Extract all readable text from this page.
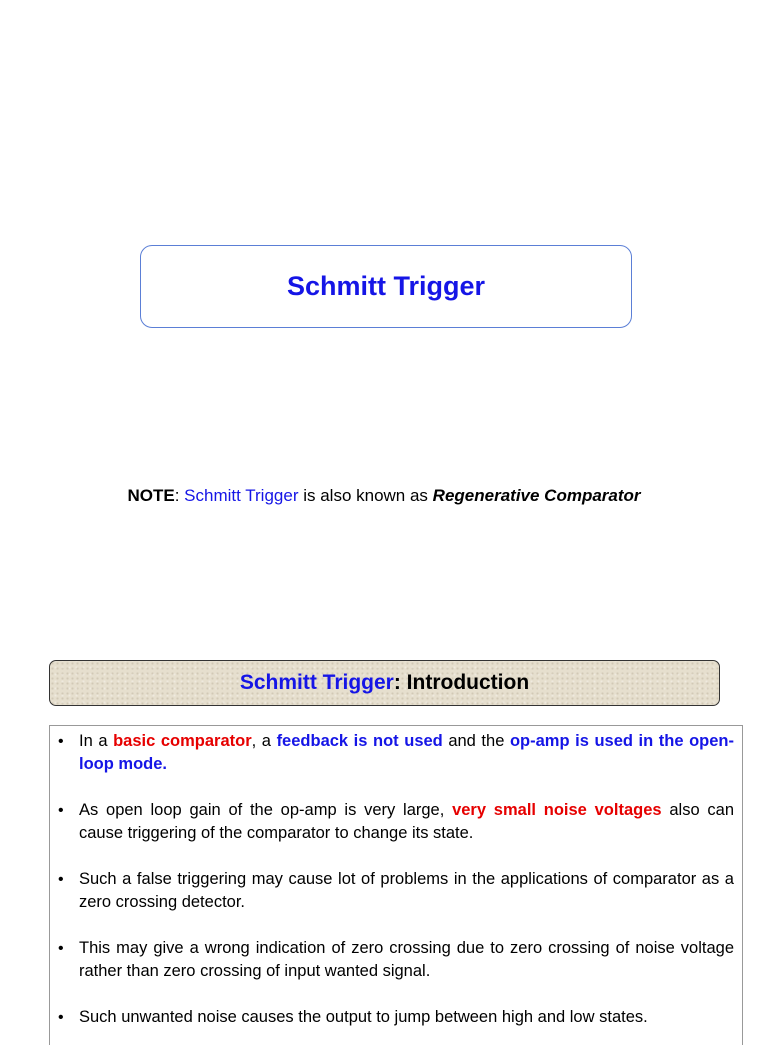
Schmitt Trigger
NOTE: Schmitt Trigger is also known as Regenerative Comparator
Schmitt Trigger : Introduction
• In a basic comparator, a feedback is not used and the op-amp is used in the open-loop mode.
• As open loop gain of the op-amp is very large, very small noise voltages also can cause triggering of the comparator to change its state.
• Such a false triggering may cause lot of problems in the applications of comparator as a zero crossing detector.
• This may give a wrong indication of zero crossing due to zero crossing of noise voltage rather than zero crossing of input wanted signal.
• Such unwanted noise causes the output to jump between high and low states.
